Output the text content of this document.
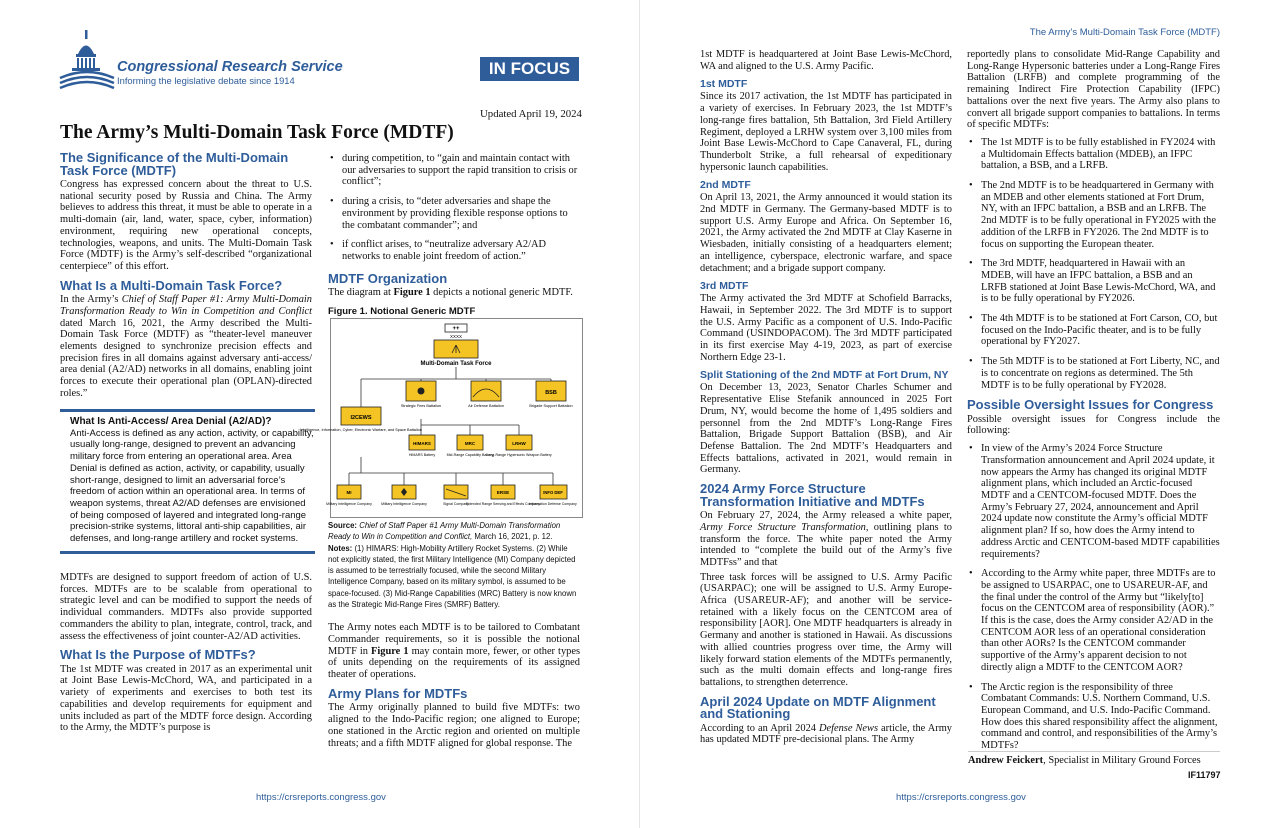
Congressional Research Service
Informing the legislative debate since 1914
IN FOCUS
Updated April 19, 2024
The Army’s Multi-Domain Task Force (MDTF)
The Significance of the Multi-Domain Task Force (MDTF)

Congress has expressed concern about the threat to U.S. national security posed by Russia and China. The Army believes to address this threat, it must be able to operate in a multi-domain (air, land, water, space, cyber, information) environment, requiring new operational concepts, technologies, weapons, and units. The Multi-Domain Task Force (MDTF) is the Army’s self-described “organizational centerpiece” of this effort.

What Is a Multi-Domain Task Force?

In the Army’s Chief of Staff Paper #1: Army Multi-Domain Transformation Ready to Win in Competition and Conflict dated March 16, 2021, the Army described the Multi-Domain Task Force (MDTF) as “theater-level maneuver elements designed to synchronize precision effects and precision fires in all domains against adversary anti-access/ area denial (A2/AD) networks in all domains, enabling joint forces to execute their operational plan (OPLAN)-directed roles.”

What Is Anti-Access/ Area Denial (A2/AD)?
Anti-Access is defined as any action, activity, or capability, usually long-range, designed to prevent an advancing military force from entering an operational area. Area Denial is defined as action, activity, or capability, usually short-range, designed to limit an adversarial force’s freedom of action within an operational area. In terms of weapon systems, threat A2/AD defenses are envisioned of being composed of layered and integrated long-range precision-strike systems, littoral anti-ship capabilities, air defenses, and long-range artillery and rocket systems.

MDTFs are designed to support freedom of action of U.S. forces. MDTFs are to be scalable from operational to strategic level and can be modified to support the needs of individual commanders. MDTFs also provide supported commanders the ability to plan, integrate, control, track, and assess the effectiveness of joint counter-A2/AD activities.

What Is the Purpose of MDTFs?

The 1st MDTF was created in 2017 as an experimental unit at Joint Base Lewis-McChord, WA, and participated in a variety of experiments and exercises to both test its capabilities and develop requirements for equipment and units included as part of the MDTF force design. According to the Army, the MDTF’s purpose is

• during competition, to “gain and maintain contact with our adversaries to support the rapid transition to crisis or conflict”;
• during a crisis, to “deter adversaries and shape the environment by providing flexible response options to the combatant commander”; and
• if conflict arises, to “neutralize adversary A2/AD networks to enable joint freedom of action.”
MDTF Organization

The diagram at Figure 1 depicts a notional generic MDTF.

Figure 1. Notional Generic MDTF
++
XXXX
Multi-Domain Task Force
I2CEWS
Intelligence, Information, Cyber, Electronic Warfare, and Space Battalion
Strategic Fires Battalion	Air Defense Battalion
BSB
Brigade Support Battalion
HIMARS
HIMARS Battery
MRC
Mid-Range Capability Battery
LRHW
Long-Range Hypersonic Weapon Battery
MI
Military Intelligence Company	Military Intelligence Company	Signal Company
ERSE
Extended Range Sensing and Effects Company
INFO DEF
Information Defense Company
Source: Chief of Staff Paper #1 Army Multi-Domain Transformation Ready to Win in Competition and Conflict, March 16, 2021, p. 12.
Notes: (1) HIMARS: High-Mobility Artillery Rocket Systems. (2) While not explicitly stated, the first Military Intelligence (MI) Company depicted is assumed to be terrestrially focused, while the second Military Intelligence Company, based on its military symbol, is assumed to be space-focused. (3) Mid-Range Capabilities (MRC) Battery is now known as the Strategic Mid-Range Fires (SMRF) Battery.

The Army notes each MDTF is to be tailored to Combatant Commander requirements, so it is possible the notional MDTF in Figure 1 may contain more, fewer, or other types of units depending on the requirements of its assigned theater of operations.

Army Plans for MDTFs

The Army originally planned to build five MDTFs: two aligned to the Indo-Pacific region; one aligned to Europe; one stationed in the Arctic region and oriented on multiple threats; and a fifth MDTF aligned for global response. The

https://crsreports.congress.gov
The Army’s Multi-Domain Task Force (MDTF)

1st MDTF is headquartered at Joint Base Lewis-McChord, WA and aligned to the U.S. Army Pacific.

1st MDTF

Since its 2017 activation, the 1st MDTF has participated in a variety of exercises. In February 2023, the 1st MDTF’s long-range fires battalion, 5th Battalion, 3rd Field Artillery Regiment, deployed a LRHW system over 3,100 miles from Joint Base Lewis-McChord to Cape Canaveral, FL, during Thunderbolt Strike, a full rehearsal of expeditionary hypersonic launch capabilities.

2nd MDTF

On April 13, 2021, the Army announced it would station its 2nd MDTF in Germany. The Germany-based MDTF is to support U.S. Army Europe and Africa. On September 16, 2021, the Army activated the 2nd MDTF at Clay Kaserne in Wiesbaden, initially consisting of a headquarters element; an intelligence, cyberspace, electronic warfare, and space detachment; and a brigade support company.

3rd MDTF

The Army activated the 3rd MDTF at Schofield Barracks, Hawaii, in September 2022. The 3rd MDTF is to support the U.S. Army Pacific as a component of U.S. Indo-Pacific Command (USINDOPACOM). The 3rd MDTF participated in its first exercise May 4-19, 2023, as part of exercise Northern Edge 23-1.

Split Stationing of the 2nd MDTF at Fort Drum, NY

On December 13, 2023, Senator Charles Schumer and Representative Elise Stefanik announced in 2025 Fort Drum, NY, would become the home of 1,495 soldiers and personnel from the 2nd MDTF’s Long-Range Fires Battalion, Brigade Support Battalion (BSB), and Air Defense Battalion. The 2nd MDTF’s Headquarters and Effects battalions, activated in 2021, would remain in Germany.

2024 Army Force Structure Transformation Initiative and MDTFs

On February 27, 2024, the Army released a white paper, Army Force Structure Transformation, outlining plans to transform the force. The white paper noted the Army intended to “complete the build out of the Army’s five MDTFss” and that

Three task forces will be assigned to U.S. Army Pacific (USARPAC); one will be assigned to U.S. Army Europe-Africa (USAREUR-AF); and another will be service-retained with a likely focus on the CENTCOM area of responsibility [AOR]. One MDTF headquarters is already in Germany and another is stationed in Hawaii. As discussions with allied countries progress over time, the Army will likely forward station elements of the MDTFs permanently, such as the multi domain effects and long-range fires battalions, to strengthen deterrence.

April 2024 Update on MDTF Alignment and Stationing

According to an April 2024 Defense News article, the Army has updated MDTF pre-decisional plans. The Army

reportedly plans to consolidate Mid-Range Capability and Long-Range Hypersonic batteries under a Long-Range Fires Battalion (LRFB) and complete programming of the remaining Indirect Fire Protection Capability (IFPC) battalions over the next five years. The Army also plans to convert all brigade support companies to battalions. In terms of specific MDTFs:

• The 1st MDTF is to be fully established in FY2024 with a Multidomain Effects battalion (MDEB), an IFPC battalion, a BSB, and a LRFB.
• The 2nd MDTF is to be headquartered in Germany with an MDEB and other elements stationed at Fort Drum, NY, with an IFPC battalion, a BSB and an LRFB. The 2nd MDTF is to be fully operational in FY2025 with the addition of the LRFB in FY2026. The 2nd MDTF is to focus on supporting the European theater.
• The 3rd MDTF, headquartered in Hawaii with an MDEB, will have an IFPC battalion, a BSB and an LRFB stationed at Joint Base Lewis-McChord, WA, and is to be fully operational by FY2026.
• The 4th MDTF is to be stationed at Fort Carson, CO, but focused on the Indo-Pacific theater, and is to be fully operational by FY2027.
• The 5th MDTF is to be stationed at Fort Liberty, NC, and is to concentrate on regions as determined. The 5th MDTF is to be fully operational by FY2028.
Possible Oversight Issues for Congress

Possible oversight issues for Congress include the following:

• In view of the Army’s 2024 Force Structure Transformation announcement and April 2024 update, it now appears the Army has changed its original MDTF alignment plans, which included an Arctic-focused MDTF and a CENTCOM-focused MDTF. Does the Army’s February 27, 2024, announcement and April 2024 update now constitute the Army’s official MDTF alignment plan? If so, how does the Army intend to address Arctic and CENTCOM-based MDTF capabilities requirements?
• According to the Army white paper, three MDTFs are to be assigned to USARPAC, one to USAREUR-AF, and the final under the control of the Army but “likely[to] focus on the CENTCOM area of responsibility (AOR).” If this is the case, does the Army consider A2/AD in the CENTCOM AOR less of an operational consideration than other AORs? Is the CENTCOM commander supportive of the Army’s apparent decision to not directly align a MDTF to the CENTCOM AOR?
• The Arctic region is the responsibility of three Combatant Commands: U.S. Northern Command, U.S. European Command, and U.S. Indo-Pacific Command. How does this shared responsibility affect the alignment, command and control, and responsibilities of the Army’s MDTFs?
Andrew Feickert, Specialist in Military Ground Forces
IF11797
https://crsreports.congress.gov
